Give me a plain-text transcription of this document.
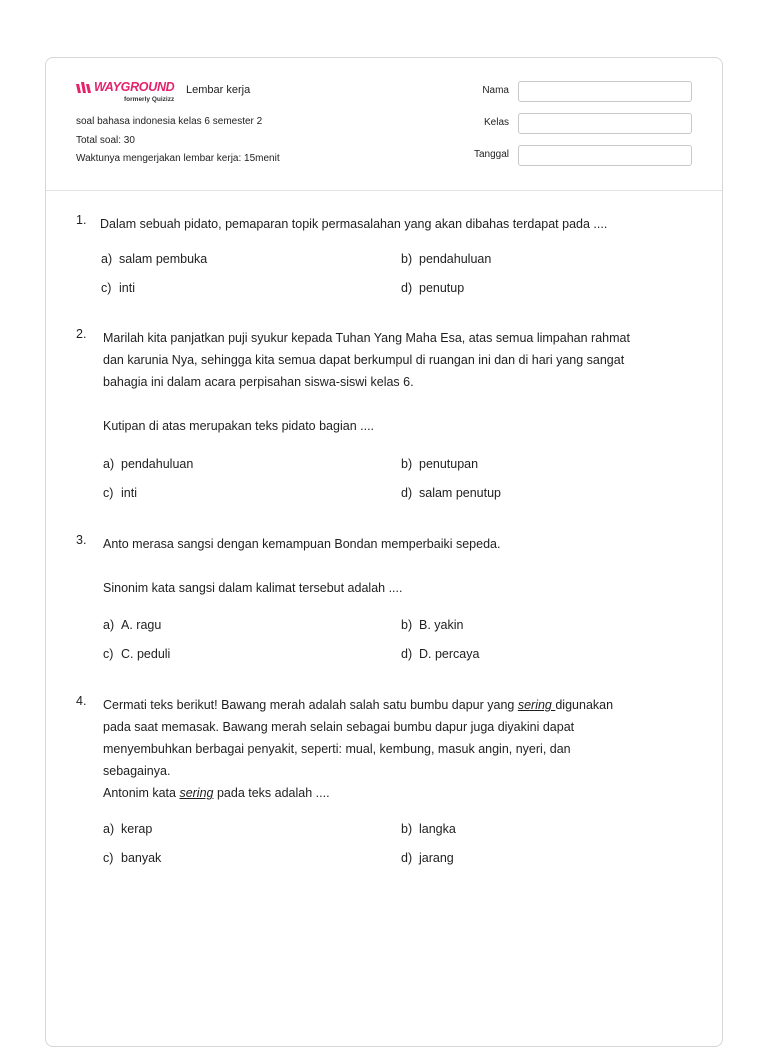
WAYGROUND
formerly Quizizz
Lembar kerja
soal bahasa indonesia kelas 6 semester 2
Total soal: 30
Waktunya mengerjakan lembar kerja: 15menit
Nama
Kelas
Tanggal
1. Dalam sebuah pidato, pemaparan topik permasalahan yang akan dibahas terdapat pada ....

a) salam pembuka	b) pendahuluan
c) inti	d) penutup
2. Marilah kita panjatkan puji syukur kepada Tuhan Yang Maha Esa, atas semua limpahan rahmat

dan karunia Nya, sehingga kita semua dapat berkumpul di ruangan ini dan di hari yang sangat

bahagia ini dalam acara perpisahan siswa-siswi kelas 6.

Kutipan di atas merupakan teks pidato bagian ....

a) pendahuluan	b) penutupan
c) inti	d) salam penutup
3. Anto merasa sangsi dengan kemampuan Bondan memperbaiki sepeda.

Sinonim kata sangsi dalam kalimat tersebut adalah ....

a) A. ragu	b) B. yakin
c) C. peduli	d) D. percaya
4. Cermati teks berikut! Bawang merah adalah salah satu bumbu dapur yang sering digunakan

pada saat memasak. Bawang merah selain sebagai bumbu dapur juga diyakini dapat

menyembuhkan berbagai penyakit, seperti: mual, kembung, masuk angin, nyeri, dan

sebagainya.

Antonim kata sering pada teks adalah ....

a) kerap	b) langka
c) banyak	d) jarang
